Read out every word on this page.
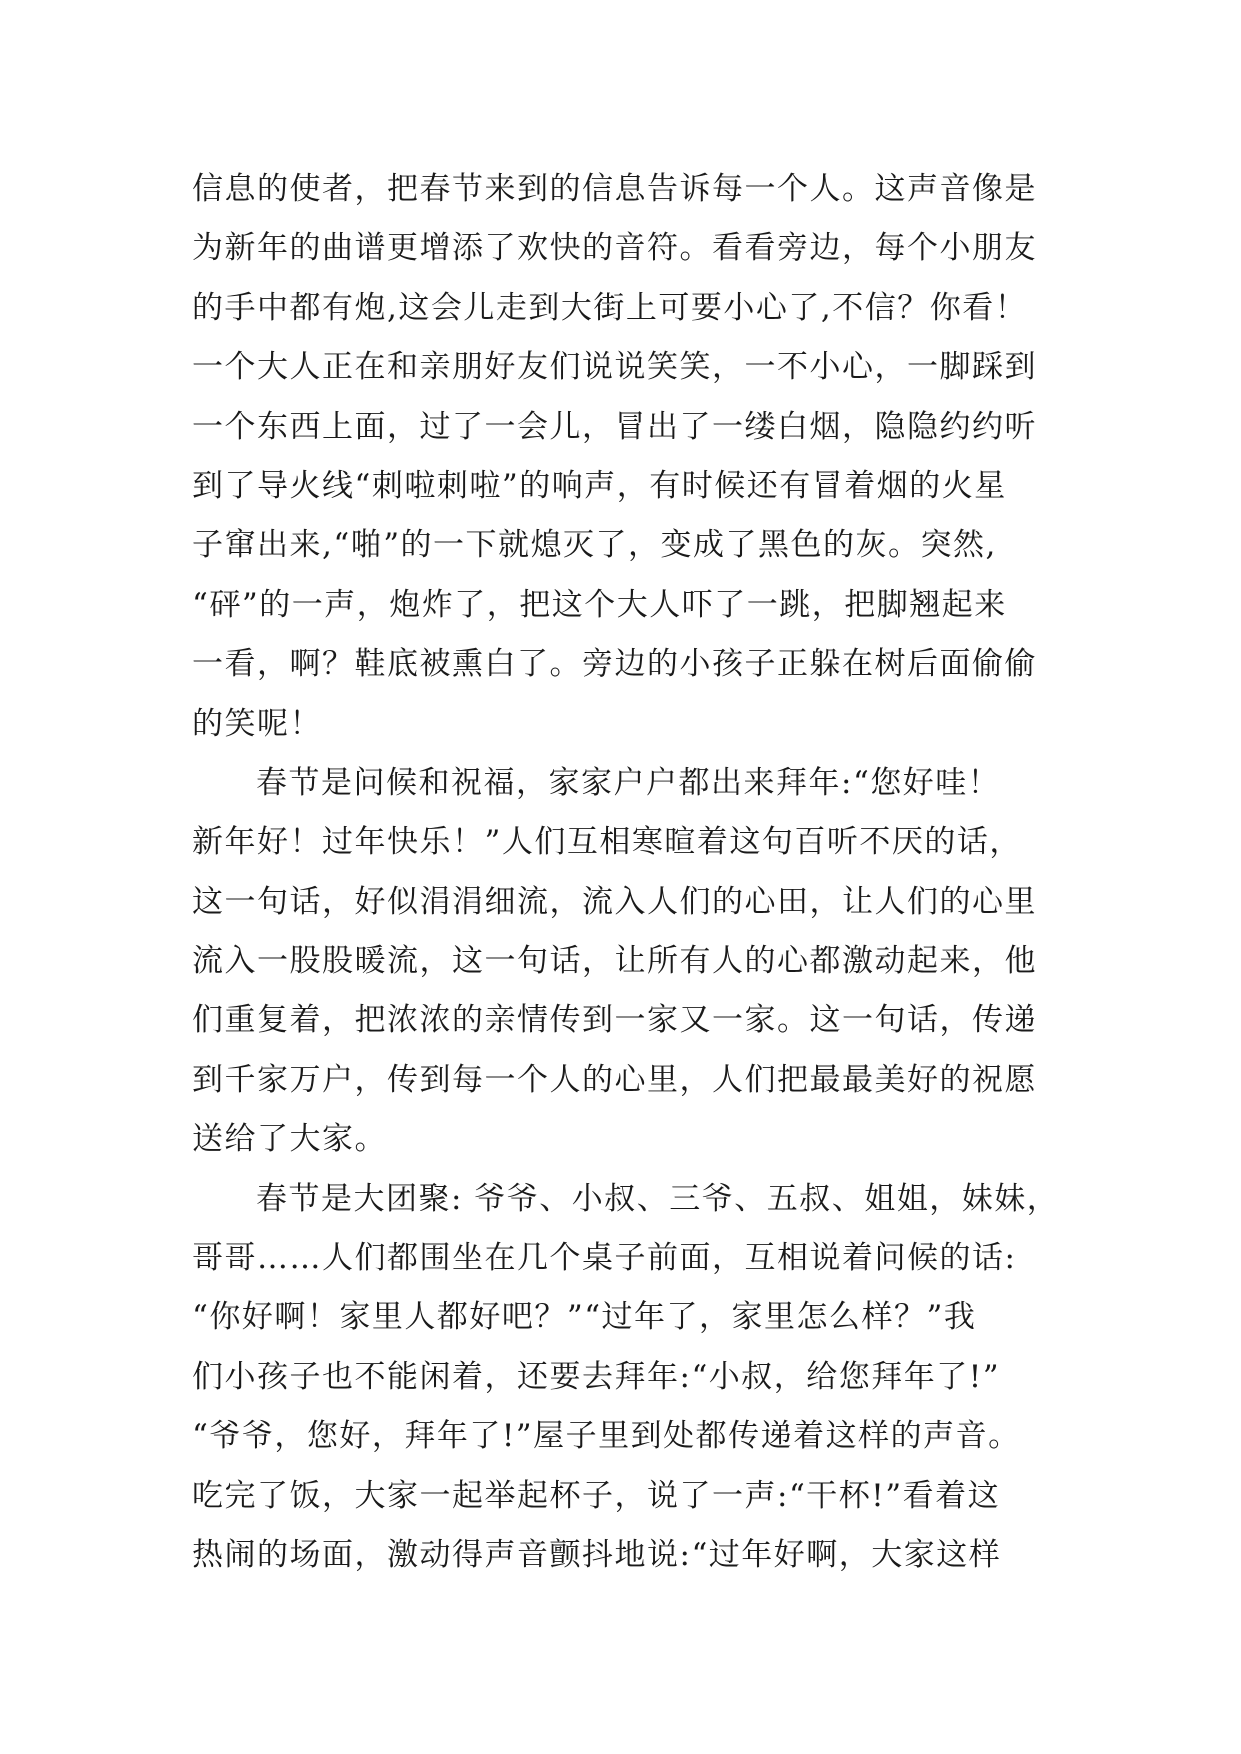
信息的使者，把春节来到的信息告诉每一个人。这声音像是
为新年的曲谱更增添了欢快的音符。看看旁边，每个小朋友
的手中都有炮,这会儿走到大街上可要小心了,不信？你看！
一个大人正在和亲朋好友们说说笑笑，一不小心，一脚踩到
一个东西上面，过了一会儿，冒出了一缕白烟，隐隐约约听
到了导火线“刺啦刺啦”的响声，有时候还有冒着烟的火星
子窜出来,“啪”的一下就熄灭了，变成了黑色的灰。突然,
“砰”的一声，炮炸了，把这个大人吓了一跳，把脚翘起来
一看，啊？鞋底被熏白了。旁边的小孩子正躲在树后面偷偷
的笑呢！
春节是问候和祝福，家家户户都出来拜年:“您好哇！
新年好！过年快乐！”人们互相寒暄着这句百听不厌的话，
这一句话，好似涓涓细流，流入人们的心田，让人们的心里
流入一股股暖流，这一句话，让所有人的心都激动起来，他
们重复着，把浓浓的亲情传到一家又一家。这一句话，传递
到千家万户，传到每一个人的心里，人们把最最美好的祝愿
送给了大家。
春节是大团聚: 爷爷、小叔、三爷、五叔、姐姐，妹妹，
哥哥……人们都围坐在几个桌子前面，互相说着问候的话:
“你好啊！家里人都好吧？”“过年了，家里怎么样？”我
们小孩子也不能闲着，还要去拜年:“小叔，给您拜年了!”
“爷爷，您好，拜年了!”屋子里到处都传递着这样的声音。
吃完了饭，大家一起举起杯子，说了一声:“干杯!”看着这
热闹的场面，激动得声音颤抖地说:“过年好啊，大家这样
